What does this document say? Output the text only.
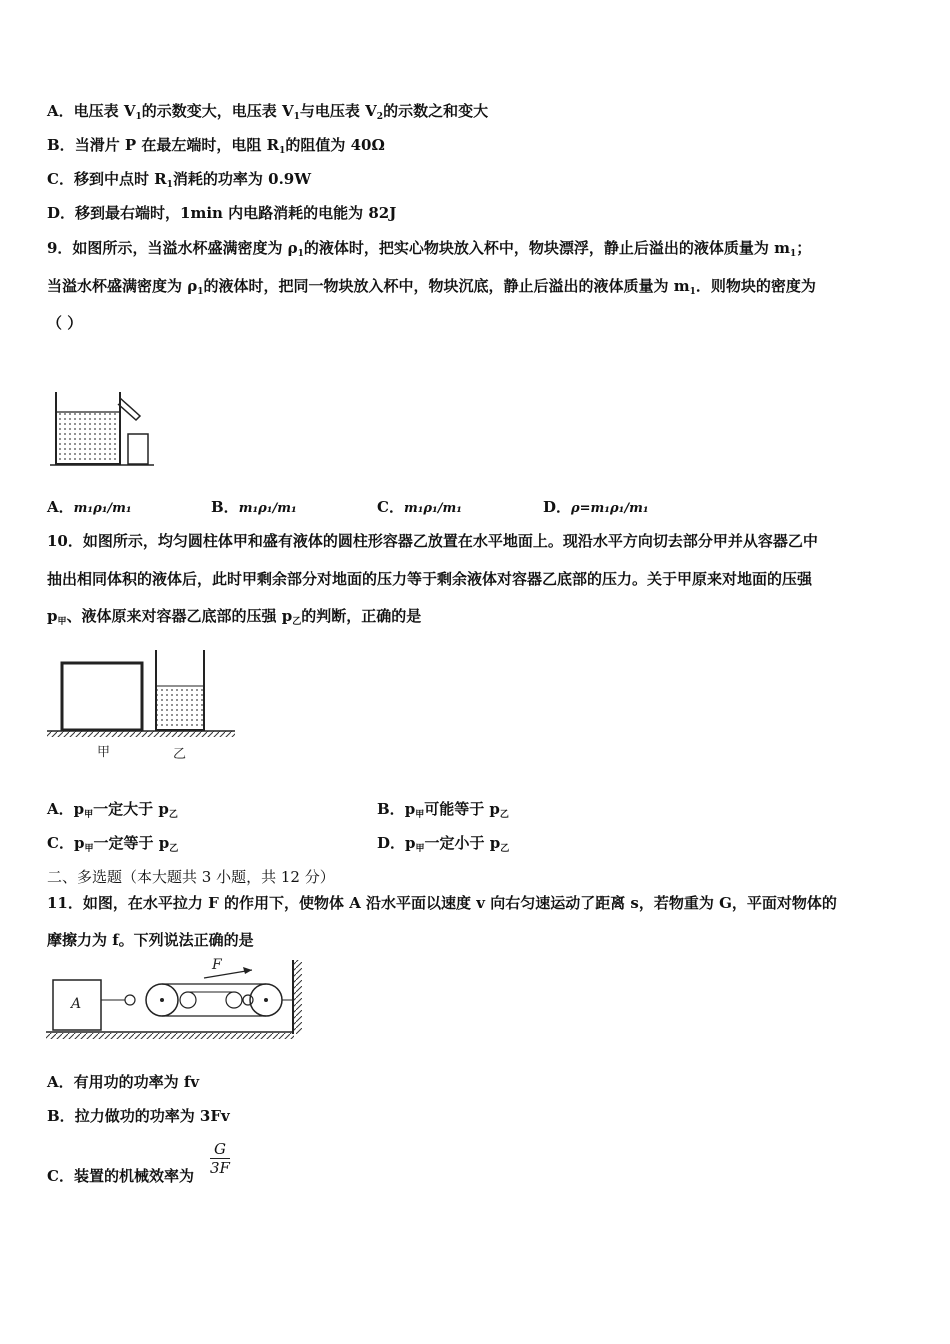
A．电压表 $V_1$的示数变大，电压表 $V_1$与电压表 $V_2$的示数之和变大
B．当滑片 P 在最左端时，电阻 $R_1$的阻值为 40Ω
C．移到中点时 $R_1$消耗的功率为 0.9W
D．移到最右端时，1min 内电路消耗的电能为 82J
9．如图所示，当溢水杯盛满密度为 $\rho_1$的液体时，把实心物块放入杯中，物块漂浮，静止后溢出的液体质量为 $m_1$；
当溢水杯盛满密度为 $\rho_1$的液体时，把同一物块放入杯中，物块沉底，静止后溢出的液体质量为 $m_1$．则物块的密度为
（ ）
A．m₁ρ₁/m₁	B．m₁ρ₁/m₁	C．m₁ρ₁/m₁	D．ρ=m₁ρ₁/m₁
10．如图所示，均匀圆柱体甲和盛有液体的圆柱形容器乙放置在水平地面上。现沿水平方向切去部分甲并从容器乙中
抽出相同体积的液体后，此时甲剩余部分对地面的压力等于剩余液体对容器乙底部的压力。关于甲原来对地面的压强
$p_甲$、液体原来对容器乙底部的压强 $p_乙$的判断，正确的是
甲	乙
A．$p_甲$一定大于 $p_乙$	B．$p_甲$可能等于 $p_乙$
C．$p_甲$一定等于 $p_乙$	D．$p_甲$一定小于 $p_乙$
二、多选题（本大题共 3 小题，共 12 分）
11．如图，在水平拉力 F 的作用下，使物体 A 沿水平面以速度 v 向右匀速运动了距离 s，若物重为 G，平面对物体的
摩擦力为 f。下列说法正确的是
A
F
A．有用功的功率为 fv
B．拉力做功的功率为 3Fv
C．装置的机械效率为 $\frac{G}{3F}$
